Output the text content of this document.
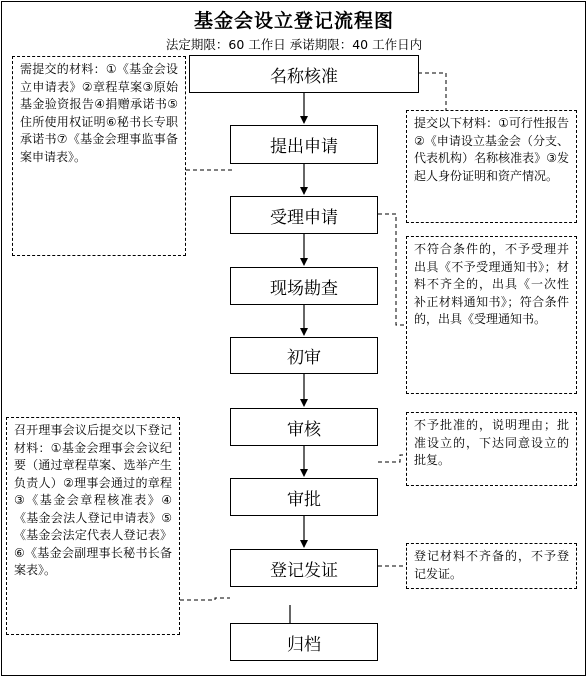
基金会设立登记流程图
法定期限：60 工作日 承诺期限：40 工作日内
名称核准
提出申请
受理申请
现场勘查
初审
审核
审批
登记发证
归档
需提交的材料：①《基金会设立申请表》②章程草案③原始基金验资报告④捐赠承诺书⑤住所使用权证明⑥秘书长专职承诺书⑦《基金会理事监事备案申请表》。
提交以下材料：①可行性报告②《申请设立基金会（分支、代表机构）名称核准表》③发起人身份证明和资产情况。
不符合条件的，不予受理并出具《不予受理通知书》；材料不齐全的，出具《一次性补正材料通知书》；符合条件的，出具《受理通知书。
不予批准的，说明理由；批准设立的，下达同意设立的批复。
召开理事会议后提交以下登记材料：①基金会理事会会议纪要（通过章程草案、选举产生负责人）②理事会通过的章程③《基金会章程核准表》④《基金会法人登记申请表》⑤《基金会法定代表人登记表》⑥《基金会副理事长秘书长备案表》。
登记材料不齐备的，不予登记发证。
